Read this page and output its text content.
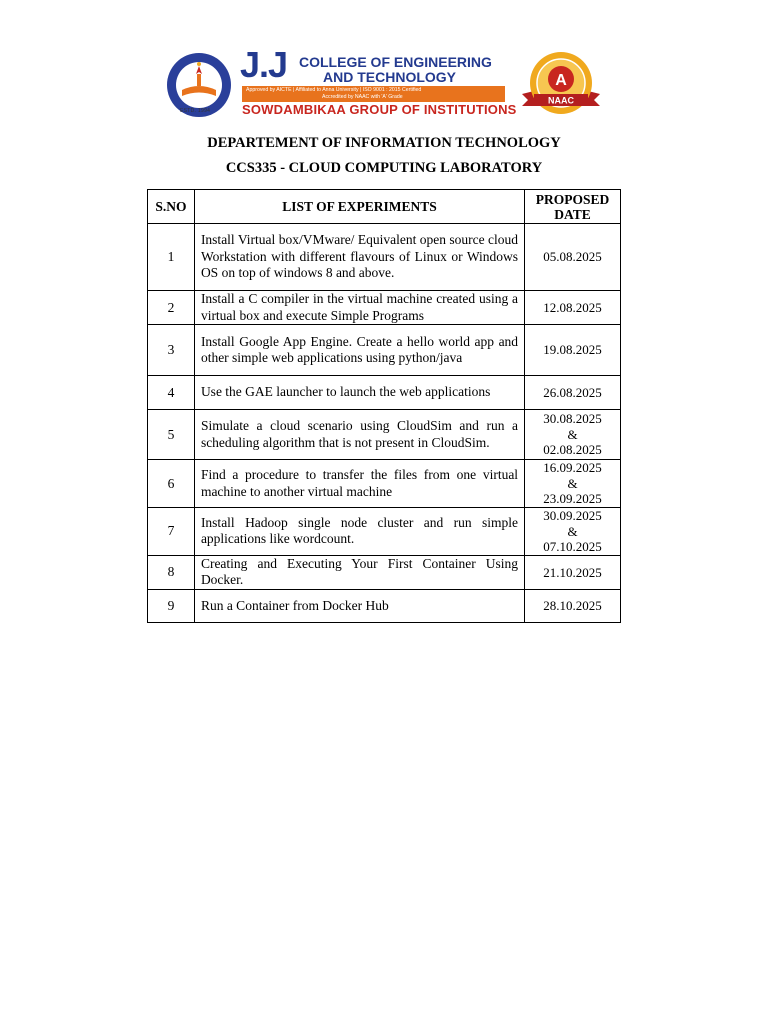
ESTD. 1994
J.J COLLEGE OF ENGINEERING
AND TECHNOLOGY
Approved by AICTE | Affiliated to Anna University | ISO 9001 : 2015 Certified
Accredited by NAAC with 'A' Grade
SOWDAMBIKAA GROUP OF INSTITUTIONS
A
NAAC
DEPARTEMENT OF INFORMATION TECHNOLOGY
CCS335 - CLOUD COMPUTING LABORATORY
S.NO	LIST OF EXPERIMENTS	PROPOSED
DATE

1	Install Virtual box/VMware/ Equivalent open source cloud Workstation with different flavours of Linux or Windows OS on top of windows 8 and above.	05.08.2025

2	Install a C compiler in the virtual machine created using a virtual box and execute Simple Programs	12.08.2025

3	Install Google App Engine. Create a hello world app and other simple web applications using python/java	19.08.2025

4	Use the GAE launcher to launch the web applications	26.08.2025

5	Simulate a cloud scenario using CloudSim and run a scheduling algorithm that is not present in CloudSim.	30.08.2025
&
02.08.2025

6	Find a procedure to transfer the files from one virtual machine to another virtual machine	16.09.2025
&
23.09.2025

7	Install Hadoop single node cluster and run simple applications like wordcount.	30.09.2025
&
07.10.2025

8	Creating and Executing Your First Container Using Docker.	21.10.2025

9	Run a Container from Docker Hub	28.10.2025
